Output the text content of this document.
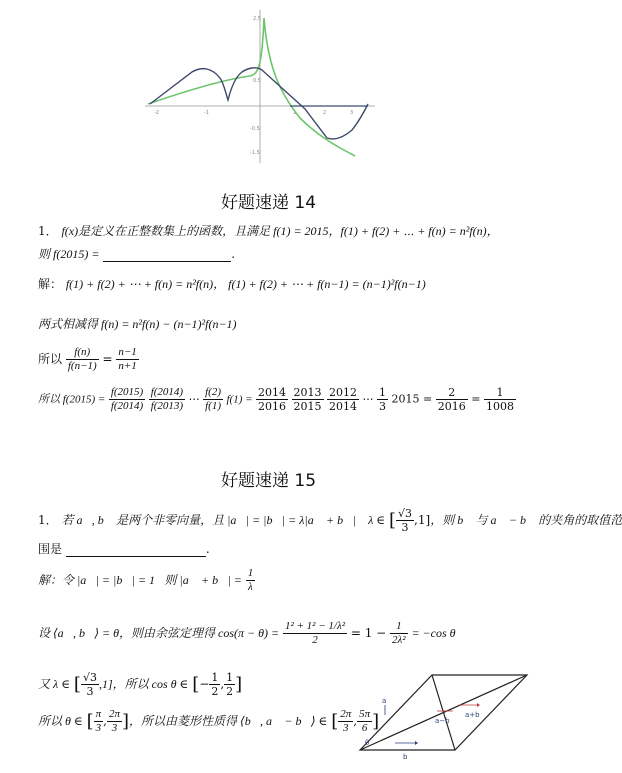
2.5
0.5
-0.5
-1.5
-2	-1	1	2	3
好题速递 14
1． f(x)是定义在正整数集上的函数，且满足 f(1) = 2015，f(1) + f(2) + ⋯ + f(n) = n²f(n)，
则 f(2015) =	.
解： f(1) + f(2) + ⋯ + f(n) = n²f(n)， f(1) + f(2) + ⋯ + f(n−1) = (n−1)²f(n−1)
两式相减得 f(n) = n²f(n) − (n−1)²f(n−1)
所以 $\frac{f(n)}{f(n-1)} = \frac{n-1}{n+1}$
所以 $f(2015) = \frac{f(2015)}{f(2014)}$
$\frac{f(2014)}{f(2013)}$ ⋯ $\frac{f(2)}{f(1)} f(1) = \frac{2014}{2016}$
$\frac{2013}{2015}$
$\frac{2012}{2014}$ ⋯ $\frac{1}{3} 2015 = \frac{2}{2016} = \frac{1}{1008}$
好题速递 15
1． 若 a⃗, b⃗ 是两个非零向量，且 |a⃗| = |b⃗| = λ|a⃗ + b⃗|， λ ∈ [ $\frac{√3}{3} ,1$]，则 b⃗ 与 a⃗ − b⃗ 的夹角的取值范
围是	.
解：令 |a⃗| = |b⃗| = 1，则 |a⃗ + b⃗| = $\frac{1}{\lambda}$
设 ⟨a⃗, b⃗⟩ = θ，则由余弦定理得 $\cos(\pi - \theta) = \frac{\text{1² + 1² − 1/λ²}}{2} = 1 - \frac{1}{\text{2λ²}} = -\cos$ θ
又 λ ∈ [ $\frac{√3}{3} ,1$]，所以 cos θ ∈ [− $\frac{1}{2}$ , $\frac{1}{2}$ ]
所以 θ ∈ [ $\frac{\pi}{3}$ , $\frac{2\pi}{3}$ ]，所以由菱形性质得 ⟨b⃗, a⃗ − b⃗⟩ ∈ [ $\frac{2\pi}{3}$ , $\frac{5\pi}{6}$ ]
b
a
a+b
a−b
θ
